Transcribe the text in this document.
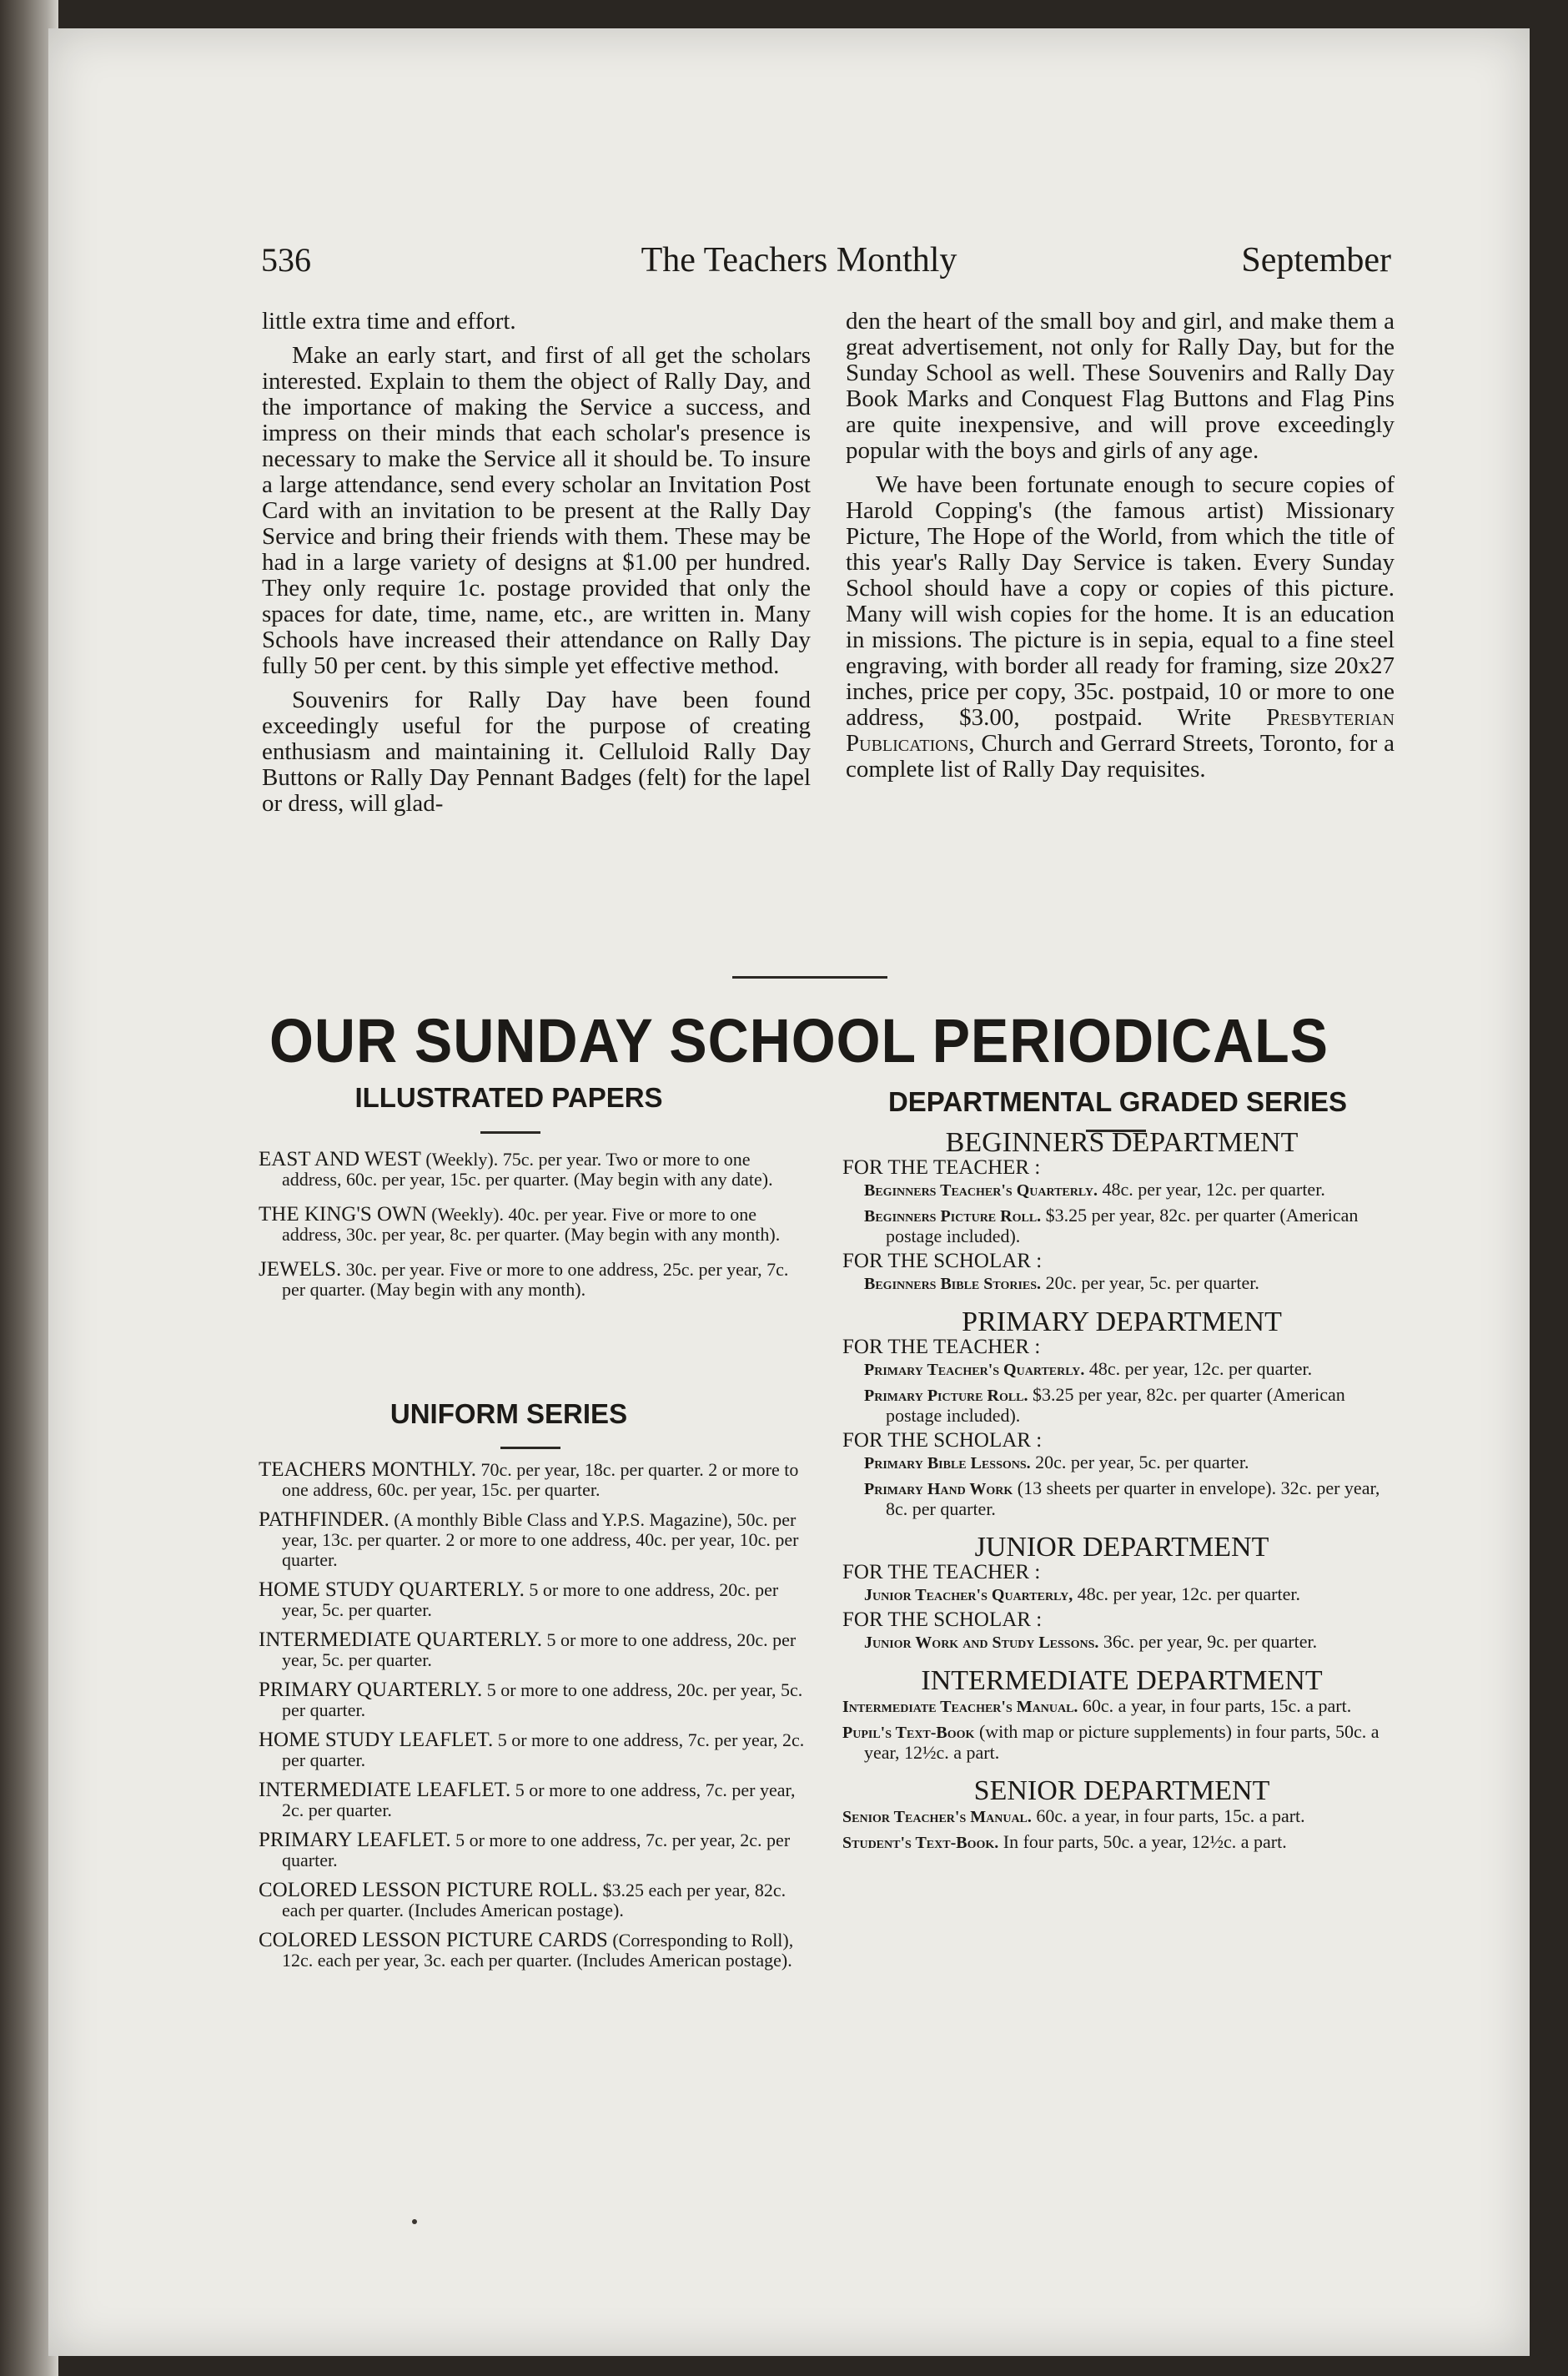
536	The Teachers Monthly	September

little extra time and effort.

Make an early start, and first of all get the scholars interested. Explain to them the object of Rally Day, and the importance of making the Service a success, and impress on their minds that each scholar's presence is necessary to make the Service all it should be. To insure a large attendance, send every scholar an Invitation Post Card with an invitation to be present at the Rally Day Service and bring their friends with them. These may be had in a large variety of designs at $1.00 per hundred. They only require 1c. postage provided that only the spaces for date, time, name, etc., are written in. Many Schools have increased their attendance on Rally Day fully 50 per cent. by this simple yet effective method.

Souvenirs for Rally Day have been found exceedingly useful for the purpose of creating enthusiasm and maintaining it. Celluloid Rally Day Buttons or Rally Day Pennant Badges (felt) for the lapel or dress, will glad-

den the heart of the small boy and girl, and make them a great advertisement, not only for Rally Day, but for the Sunday School as well. These Souvenirs and Rally Day Book Marks and Conquest Flag Buttons and Flag Pins are quite inexpensive, and will prove exceedingly popular with the boys and girls of any age.

We have been fortunate enough to secure copies of Harold Copping's (the famous artist) Missionary Picture, The Hope of the World, from which the title of this year's Rally Day Service is taken. Every Sunday School should have a copy or copies of this picture. Many will wish copies for the home. It is an education in missions. The picture is in sepia, equal to a fine steel engraving, with border all ready for framing, size 20x27 inches, price per copy, 35c. postpaid, 10 or more to one address, $3.00, postpaid. Write Presbyterian Publications, Church and Gerrard Streets, Toronto, for a complete list of Rally Day requisites.

OUR SUNDAY SCHOOL PERIODICALS
ILLUSTRATED PAPERS
EAST AND WEST (Weekly). 75c. per year. Two or more to one address, 60c. per year, 15c. per quarter. (May begin with any date).
THE KING'S OWN (Weekly). 40c. per year. Five or more to one address, 30c. per year, 8c. per quarter. (May begin with any month).
JEWELS. 30c. per year. Five or more to one address, 25c. per year, 7c. per quarter. (May begin with any month).
UNIFORM SERIES
TEACHERS MONTHLY. 70c. per year, 18c. per quarter. 2 or more to one address, 60c. per year, 15c. per quarter.
PATHFINDER. (A monthly Bible Class and Y.P.S. Magazine), 50c. per year, 13c. per quarter. 2 or more to one address, 40c. per year, 10c. per quarter.
HOME STUDY QUARTERLY. 5 or more to one address, 20c. per year, 5c. per quarter.
INTERMEDIATE QUARTERLY. 5 or more to one address, 20c. per year, 5c. per quarter.
PRIMARY QUARTERLY. 5 or more to one address, 20c. per year, 5c. per quarter.
HOME STUDY LEAFLET. 5 or more to one address, 7c. per year, 2c. per quarter.
INTERMEDIATE LEAFLET. 5 or more to one address, 7c. per year, 2c. per quarter.
PRIMARY LEAFLET. 5 or more to one address, 7c. per year, 2c. per quarter.
COLORED LESSON PICTURE ROLL. $3.25 each per year, 82c. each per quarter. (Includes American postage).
COLORED LESSON PICTURE CARDS (Corresponding to Roll), 12c. each per year, 3c. each per quarter. (Includes American postage).
DEPARTMENTAL GRADED SERIES
BEGINNERS DEPARTMENT
FOR THE TEACHER :
Beginners Teacher's Quarterly. 48c. per year, 12c. per quarter.
Beginners Picture Roll. $3.25 per year, 82c. per quarter (American postage included).
FOR THE SCHOLAR :
Beginners Bible Stories. 20c. per year, 5c. per quarter.
PRIMARY DEPARTMENT
FOR THE TEACHER :
Primary Teacher's Quarterly. 48c. per year, 12c. per quarter.
Primary Picture Roll. $3.25 per year, 82c. per quarter (American postage included).
FOR THE SCHOLAR :
Primary Bible Lessons. 20c. per year, 5c. per quarter.
Primary Hand Work (13 sheets per quarter in envelope). 32c. per year, 8c. per quarter.
JUNIOR DEPARTMENT
FOR THE TEACHER :
Junior Teacher's Quarterly, 48c. per year, 12c. per quarter.
FOR THE SCHOLAR :
Junior Work and Study Lessons. 36c. per year, 9c. per quarter.
INTERMEDIATE DEPARTMENT
Intermediate Teacher's Manual. 60c. a year, in four parts, 15c. a part.
Pupil's Text-Book (with map or picture supplements) in four parts, 50c. a year, 12½c. a part.
SENIOR DEPARTMENT
Senior Teacher's Manual. 60c. a year, in four parts, 15c. a part.
Student's Text-Book. In four parts, 50c. a year, 12½c. a part.
